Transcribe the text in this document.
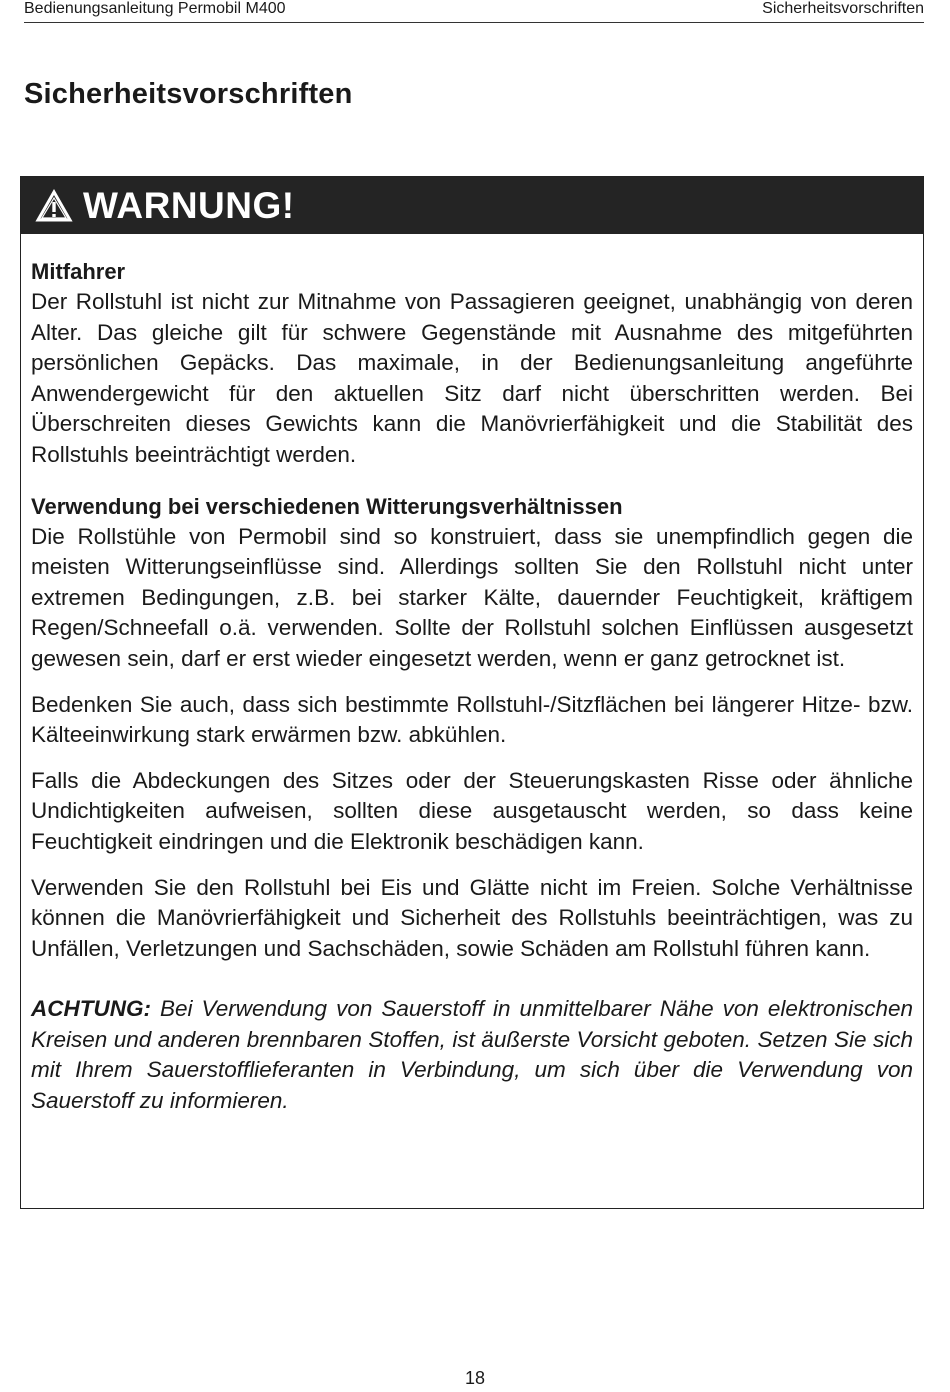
Bedienungsanleitung Permobil M400	Sicherheitsvorschriften
Sicherheitsvorschriften
WARNUNG!
Mitfahrer

Der Rollstuhl ist nicht zur Mitnahme von Passagieren geeignet, unabhängig von deren Alter. Das gleiche gilt für schwere Gegenstände mit Ausnahme des mitgeführten persönlichen Gepäcks. Das maximale, in der Bedienungsanleitung angeführte Anwendergewicht für den aktuellen Sitz darf nicht überschritten werden. Bei Überschreiten dieses Gewichts kann die Manövrierfähigkeit und die Stabilität des Rollstuhls beeinträchtigt werden.

Verwendung bei verschiedenen Witterungsverhältnissen

Die Rollstühle von Permobil sind so konstruiert, dass sie unempfindlich gegen die meisten Witterungseinflüsse sind. Allerdings sollten Sie den Rollstuhl nicht unter extremen Bedingungen, z.B. bei starker Kälte, dauernder Feuchtigkeit, kräftigem Regen/Schneefall o.ä. verwenden. Sollte der Rollstuhl solchen Einflüssen ausgesetzt gewesen sein, darf er erst wieder eingesetzt werden, wenn er ganz getrocknet ist.

Bedenken Sie auch, dass sich bestimmte Rollstuhl-/Sitzflächen bei längerer Hitze- bzw. Kälteeinwirkung stark erwärmen bzw. abkühlen.

Falls die Abdeckungen des Sitzes oder der Steuerungskasten Risse oder ähnliche Undichtigkeiten aufweisen, sollten diese ausgetauscht werden, so dass keine Feuchtigkeit eindringen und die Elektronik beschädigen kann.

Verwenden Sie den Rollstuhl bei Eis und Glätte nicht im Freien. Solche Verhältnisse können die Manövrierfähigkeit und Sicherheit des Rollstuhls beeinträchtigen, was zu Unfällen, Verletzungen und Sachschäden, sowie Schäden am Rollstuhl führen kann.

ACHTUNG: Bei Verwendung von Sauerstoff in unmittelbarer Nähe von elektronischen Kreisen und anderen brennbaren Stoffen, ist äußerste Vorsicht geboten. Setzen Sie sich mit Ihrem Sauerstofflieferanten in Verbindung, um sich über die Verwendung von Sauerstoff zu informieren.
18
